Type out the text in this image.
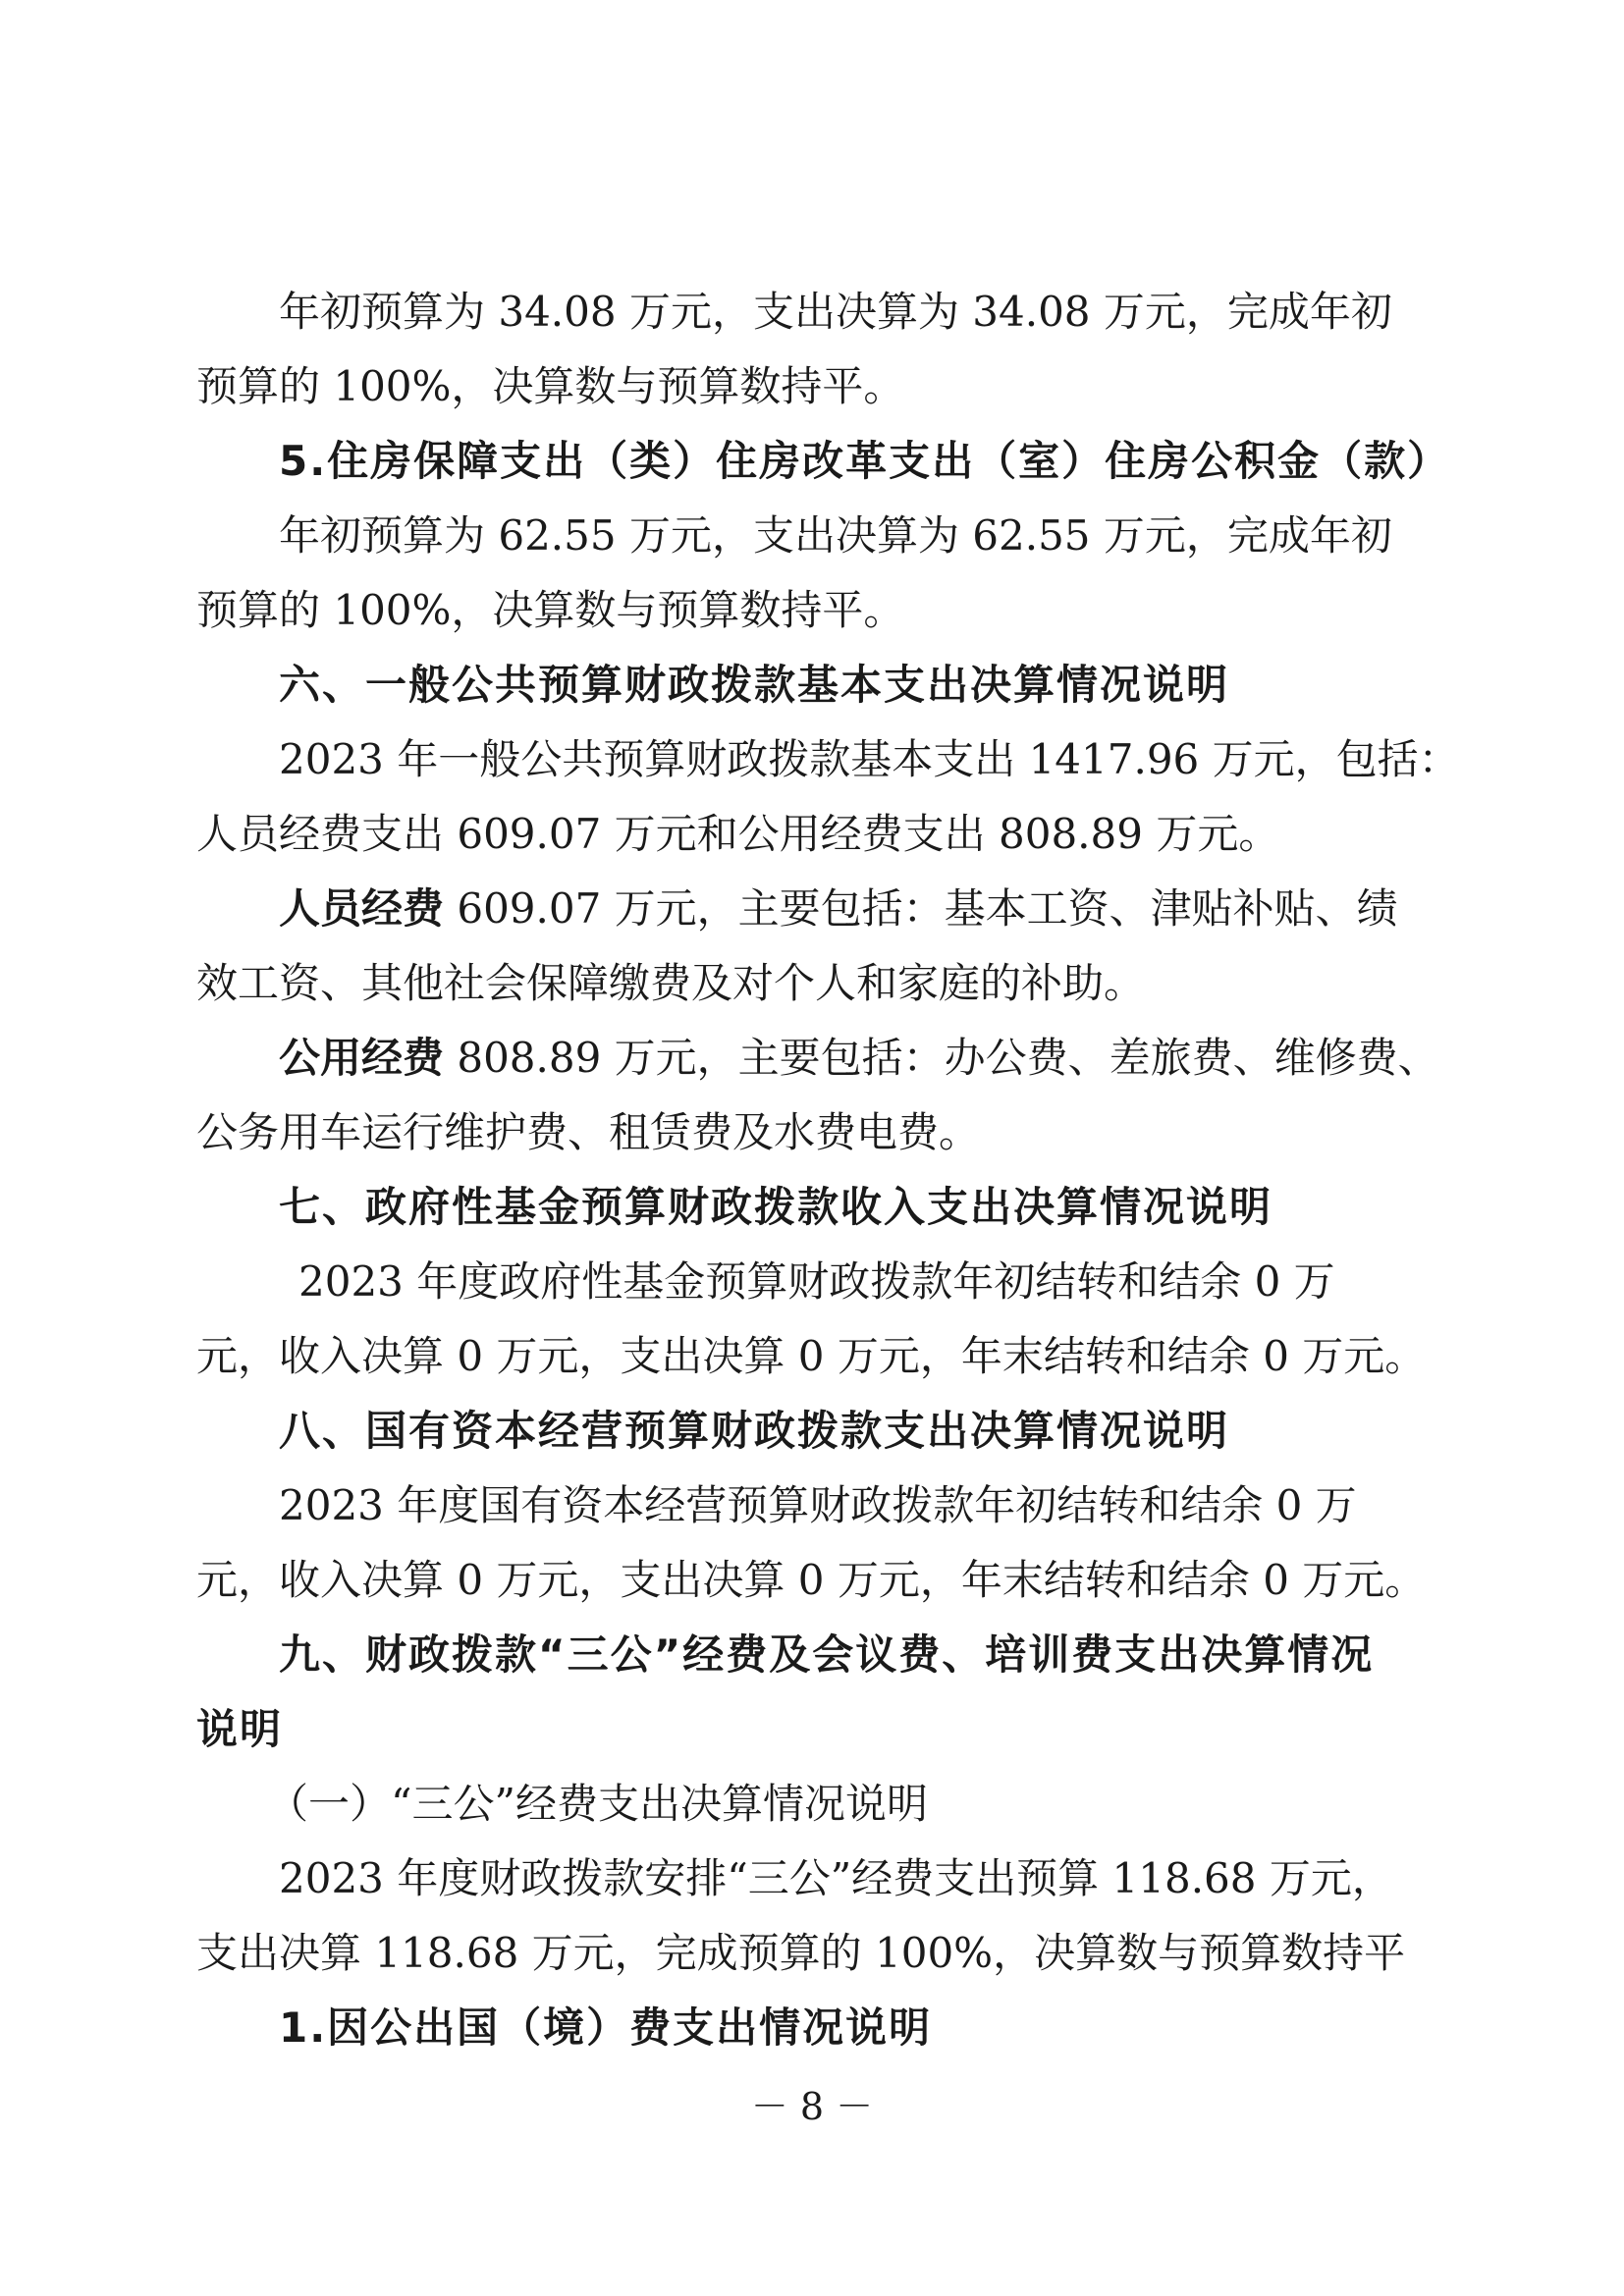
年初预算为 34.08 万元，支出决算为 34.08 万元，完成年初
预算的 100%，决算数与预算数持平。
5.住房保障支出（类）住房改革支出（室）住房公积金（款）
年初预算为 62.55 万元，支出决算为 62.55 万元，完成年初
预算的 100%，决算数与预算数持平。
六、一般公共预算财政拨款基本支出决算情况说明
2023 年一般公共预算财政拨款基本支出 1417.96 万元，包括：
人员经费支出 609.07 万元和公用经费支出 808.89 万元。
人员经费 609.07 万元，主要包括：基本工资、津贴补贴、绩
效工资、其他社会保障缴费及对个人和家庭的补助。
公用经费 808.89 万元，主要包括：办公费、差旅费、维修费、
公务用车运行维护费、租赁费及水费电费。
七、政府性基金预算财政拨款收入支出决算情况说明
2023 年度政府性基金预算财政拨款年初结转和结余 0 万
元，收入决算 0 万元，支出决算 0 万元，年末结转和结余 0 万元。
八、国有资本经营预算财政拨款支出决算情况说明
2023 年度国有资本经营预算财政拨款年初结转和结余 0 万
元，收入决算 0 万元，支出决算 0 万元，年末结转和结余 0 万元。
九、财政拨款“三公”经费及会议费、培训费支出决算情况
说明
（一）“三公”经费支出决算情况说明
2023 年度财政拨款安排“三公”经费支出预算 118.68 万元，
支出决算 118.68 万元，完成预算的 100%，决算数与预算数持平
1.因公出国（境）费支出情况说明
－ 8 －
